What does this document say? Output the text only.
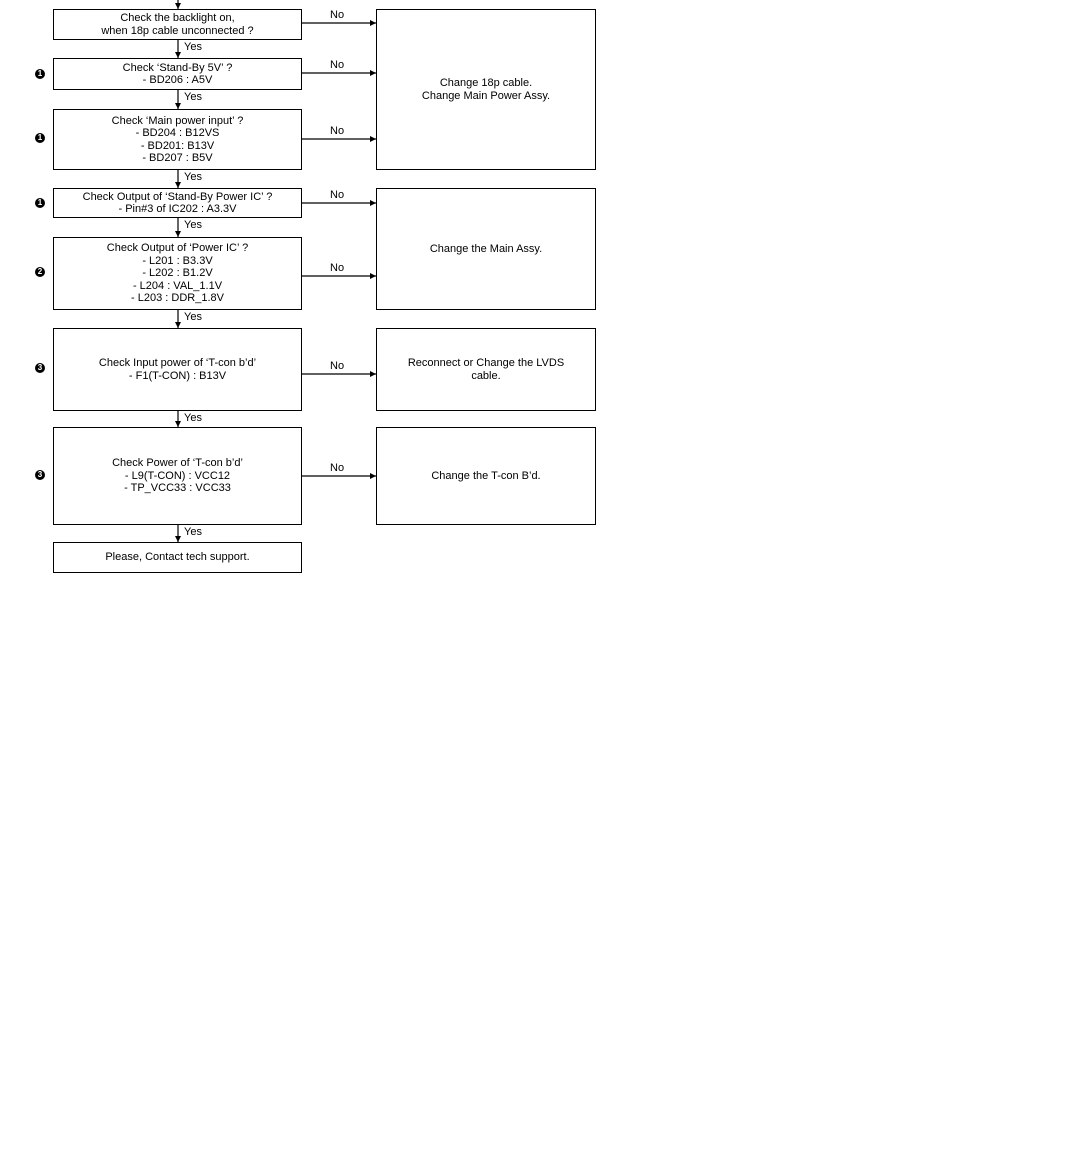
Check the backlight on,
when 18p cable unconnected ?
Check ‘Stand-By 5V’ ?
- BD206 : A5V
1
Check ‘Main power input’ ?
- BD204 : B12VS
- BD201: B13V
- BD207 : B5V
1
Check Output of ‘Stand-By Power IC’ ?
- Pin#3 of IC202 : A3.3V
1
Check Output of ‘Power IC’ ?
- L201 : B3.3V
- L202 : B1.2V
- L204 : VAL_1.1V
- L203 : DDR_1.8V
2
Check Input power of ‘T-con b’d’
- F1(T-CON) : B13V
3
Check Power of ‘T-con b’d’
- L9(T-CON) : VCC12
- TP_VCC33 : VCC33
3
Please, Contact tech support.
Change 18p cable.
Change Main Power Assy.
Change the Main Assy.
Reconnect or Change the LVDS
cable.
Change the T-con B’d.
Yes
Yes
Yes
Yes
Yes
Yes
Yes
No
No
No
No
No
No
No
